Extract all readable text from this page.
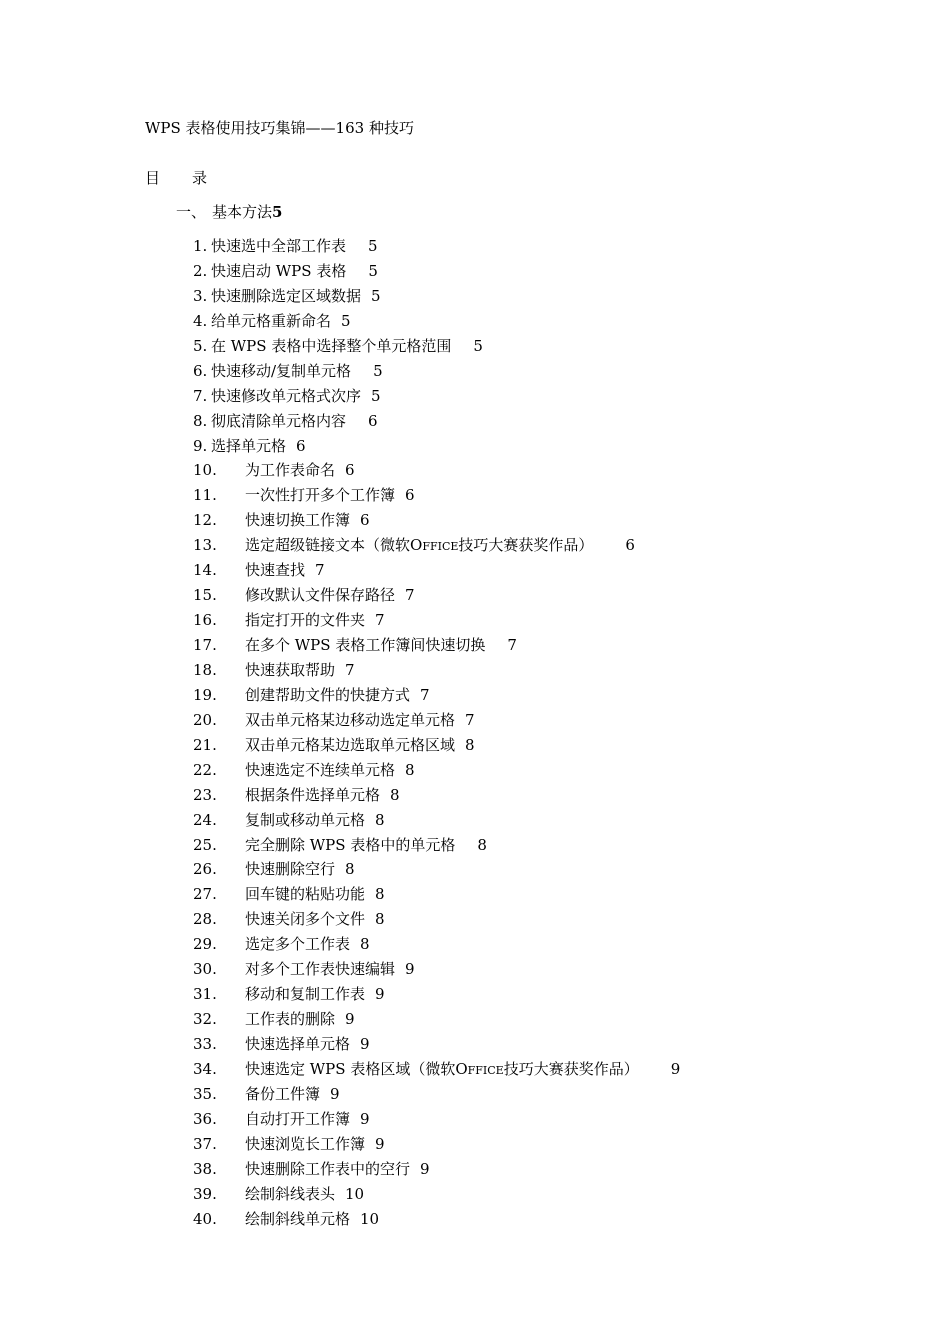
WPS 表格使用技巧集锦——163 种技巧
目 录
一、 基本方法5
1. 快速选中全部工作表 5
2. 快速启动 WPS 表格 5
3. 快速删除选定区域数据 5
4. 给单元格重新命名 5
5. 在 WPS 表格中选择整个单元格范围 5
6. 快速移动/复制单元格 5
7. 快速修改单元格式次序 5
8. 彻底清除单元格内容 6
9. 选择单元格 6
10. 为工作表命名 6
11. 一次性打开多个工作簿 6
12. 快速切换工作簿 6
13. 选定超级链接文本（微软OFFICE技巧大赛获奖作品） 6
14. 快速查找 7
15. 修改默认文件保存路径 7
16. 指定打开的文件夹 7
17. 在多个 WPS 表格工作簿间快速切换 7
18. 快速获取帮助 7
19. 创建帮助文件的快捷方式 7
20. 双击单元格某边移动选定单元格 7
21. 双击单元格某边选取单元格区域 8
22. 快速选定不连续单元格 8
23. 根据条件选择单元格 8
24. 复制或移动单元格 8
25. 完全删除 WPS 表格中的单元格 8
26. 快速删除空行 8
27. 回车键的粘贴功能 8
28. 快速关闭多个文件 8
29. 选定多个工作表 8
30. 对多个工作表快速编辑 9
31. 移动和复制工作表 9
32. 工作表的删除 9
33. 快速选择单元格 9
34. 快速选定 WPS 表格区域（微软OFFICE技巧大赛获奖作品） 9
35. 备份工件簿 9
36. 自动打开工作簿 9
37. 快速浏览长工作簿 9
38. 快速删除工作表中的空行 9
39. 绘制斜线表头 10
40. 绘制斜线单元格 10
